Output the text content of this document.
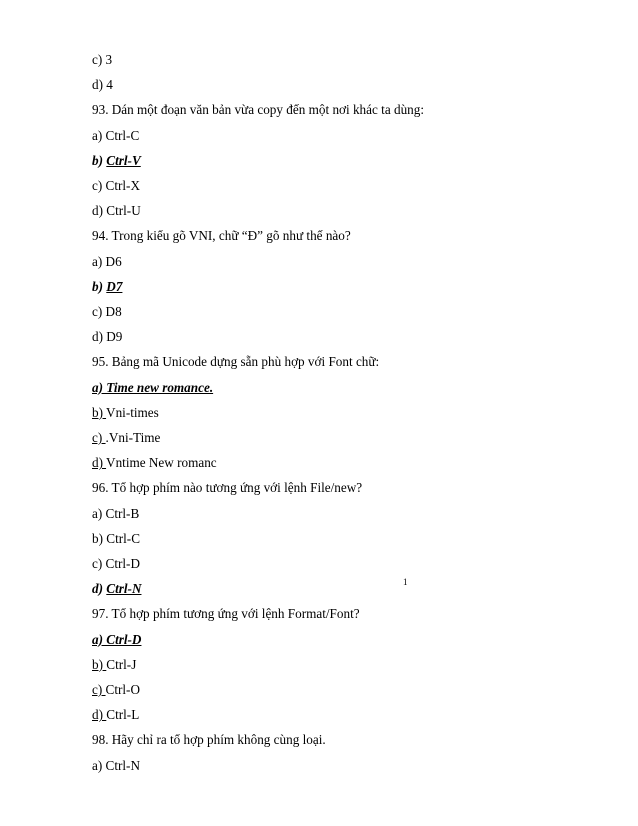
c) 3
d) 4
93. Dán một đoạn văn bản vừa copy đến một nơi khác ta dùng:
a) Ctrl-C
b) Ctrl-V
c) Ctrl-X
d) Ctrl-U
94. Trong kiểu gõ VNI, chữ “Đ” gõ như thế nào?
a) D6
b) D7
c) D8
d) D9
95. Bảng mã Unicode dựng sẵn phù hợp với Font chữ:
a) Time new romance.
b) Vni-times
c) .Vni-Time
d) Vntime New romanc
96. Tổ hợp phím nào tương ứng với lệnh File/new?
a) Ctrl-B
b) Ctrl-C
c) Ctrl-D
d) Ctrl-N
97. Tổ hợp phím tương ứng với lệnh Format/Font?
a) Ctrl-D
b) Ctrl-J
c) Ctrl-O
d) Ctrl-L
98. Hãy chỉ ra tổ hợp phím không cùng loại.
a) Ctrl-N
1
